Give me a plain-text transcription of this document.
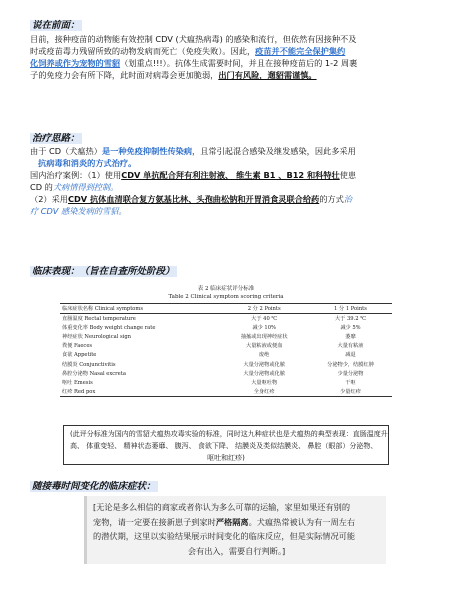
说在前面：
目前，接种疫苗的动物能有效控制 CDV (犬瘟热病毒) 的感染和流行，但依然有因接种不及
时或疫苗毒力残留所致的动物发病而死亡（免疫失败）。因此，疫苗并不能完全保护集约
化饲养或作为宠物的雪貂（划重点!!!）。抗体生成需要时间，并且在接种疫苗后的 1-2 周裹
子的免疫力会有所下降，此时面对病毒会更加脆弱，出门有风险，遛貂需谨慎。
治疗思路：
由于 CD（犬瘟热）是一种免疫抑制性传染病，且常引起混合感染及继发感染，因此多采用
抗病毒和消炎的方式治疗。
国内治疗案例：（1）使用CDV 单抗配合拜有利注射液、 维生素 B1 、B12 和科特壮使患
CD 的犬病情得到控制。
（2）采用CDV 抗体血清联合复方氨基比林、头孢曲松钠和开胃消食灵联合给药的方式治
疗 CDV 感染发病的雪貂。
临床表现：（旨在自查所处阶段）
表 2 临床症状评分标准
Table 2 Clinical symptom scoring criteria
临床症状名称 Clinical symptoms	2 分 2 Points	1 分 1 Points
直肠温度 Rectal temperature	大于 40 ℃	大于 39.2 ℃
体重变化率 Body weight change rate	减少 10%	减少 5%
神经症状 Neurological sign	抽搐或出现神经症状	萎靡
粪便 Faeces	大量粘液或便血	大量有粘液
食欲 Appetite	废绝	减退
结膜炎 Conjunctivitis	大量分泌物或化脓	分泌物少，结膜红肿
鼻腔分泌物 Nasal excreta	大量分泌物或化脓	少量分泌物
呕吐 Emesis	大量呕吐物	干呕
红疹 Red pox	全身红疹	少量红疹
(此评分标准为国内的雪貂犬瘟热攻毒实验的标准，同时这九种症状也是犬瘟热的典型表现：直肠温度升
高、 体重变轻、 精神状态萎靡、 腹泻、 食欲下降、 结膜炎及类似结膜炎、 鼻腔（眼部）分泌物、
呕吐和红疹)
随接毒时间变化的临床症状：
[无论是多么相信的商家或者你认为多么可靠的运输，家里如果还有别的
宠物，请一定要在接新崽子到家时严格隔离。犬瘟热常被认为有一周左右
的潜伏期，这里以实验结果展示时间变化的临床反应，但是实际情况可能
会有出入，需要自行判断。]
